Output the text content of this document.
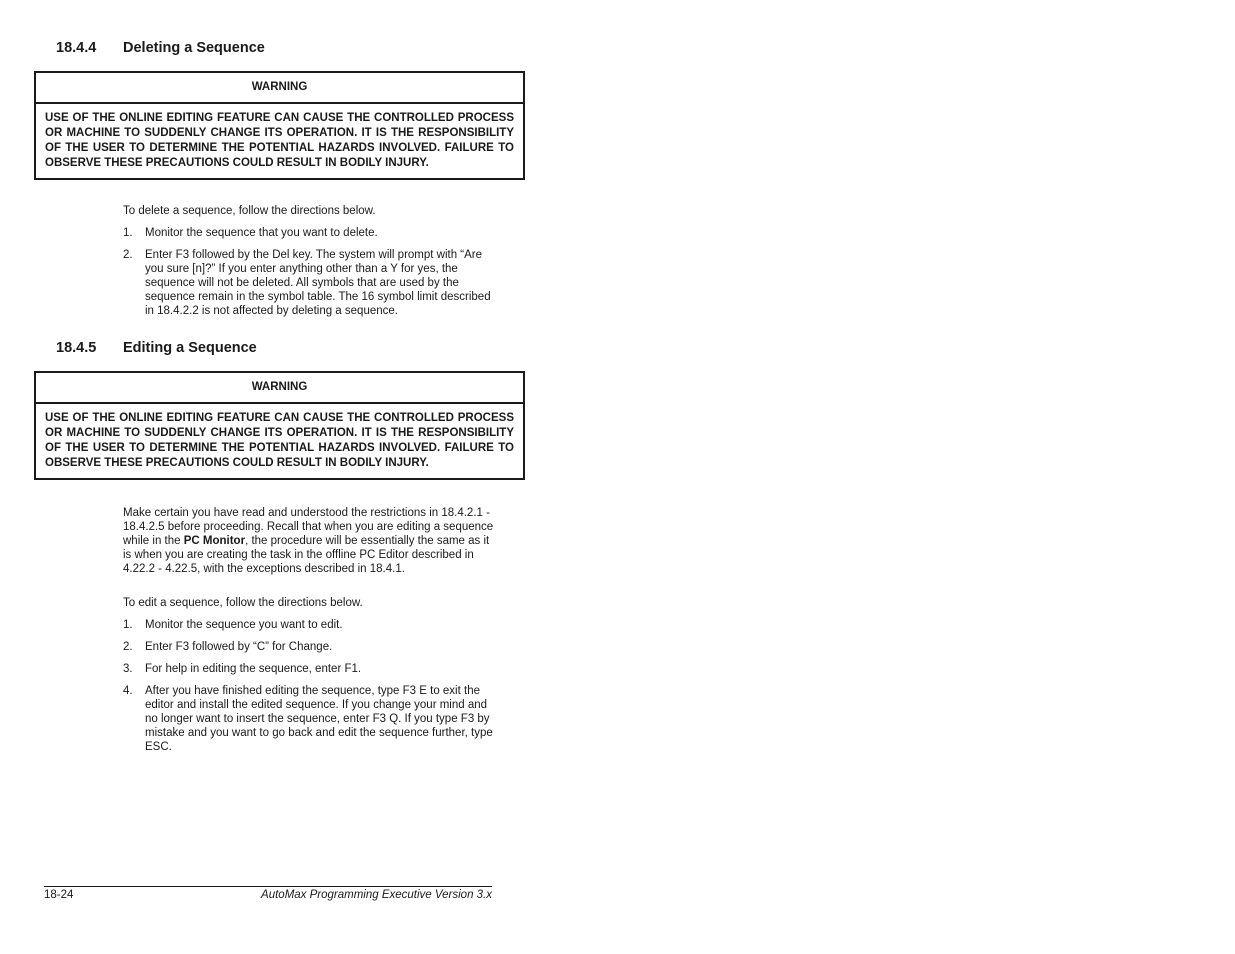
18.4.4 Deleting a Sequence
WARNING
USE OF THE ONLINE EDITING FEATURE CAN CAUSE THE CONTROLLED PROCESS OR MACHINE TO SUDDENLY CHANGE ITS OPERATION. IT IS THE RESPONSIBILITY OF THE USER TO DETERMINE THE POTENTIAL HAZARDS INVOLVED. FAILURE TO OBSERVE THESE PRECAUTIONS COULD RESULT IN BODILY INJURY.
To delete a sequence, follow the directions below.
1. Monitor the sequence that you want to delete.
2. Enter F3 followed by the Del key. The system will prompt with “Are you sure [n]?” If you enter anything other than a Y for yes, the sequence will not be deleted. All symbols that are used by the sequence remain in the symbol table. The 16 symbol limit described in 18.4.2.2 is not affected by deleting a sequence.
18.4.5 Editing a Sequence
WARNING
USE OF THE ONLINE EDITING FEATURE CAN CAUSE THE CONTROLLED PROCESS OR MACHINE TO SUDDENLY CHANGE ITS OPERATION. IT IS THE RESPONSIBILITY OF THE USER TO DETERMINE THE POTENTIAL HAZARDS INVOLVED. FAILURE TO OBSERVE THESE PRECAUTIONS COULD RESULT IN BODILY INJURY.
Make certain you have read and understood the restrictions in 18.4.2.1 - 18.4.2.5 before proceeding. Recall that when you are editing a sequence while in the PC Monitor, the procedure will be essentially the same as it is when you are creating the task in the offline PC Editor described in 4.22.2 - 4.22.5, with the exceptions described in 18.4.1.
To edit a sequence, follow the directions below.
1. Monitor the sequence you want to edit.
2. Enter F3 followed by “C” for Change.
3. For help in editing the sequence, enter F1.
4. After you have finished editing the sequence, type F3 E to exit the editor and install the edited sequence. If you change your mind and no longer want to insert the sequence, enter F3 Q. If you type F3 by mistake and you want to go back and edit the sequence further, type ESC.
18-24	AutoMax Programming Executive Version 3.x
